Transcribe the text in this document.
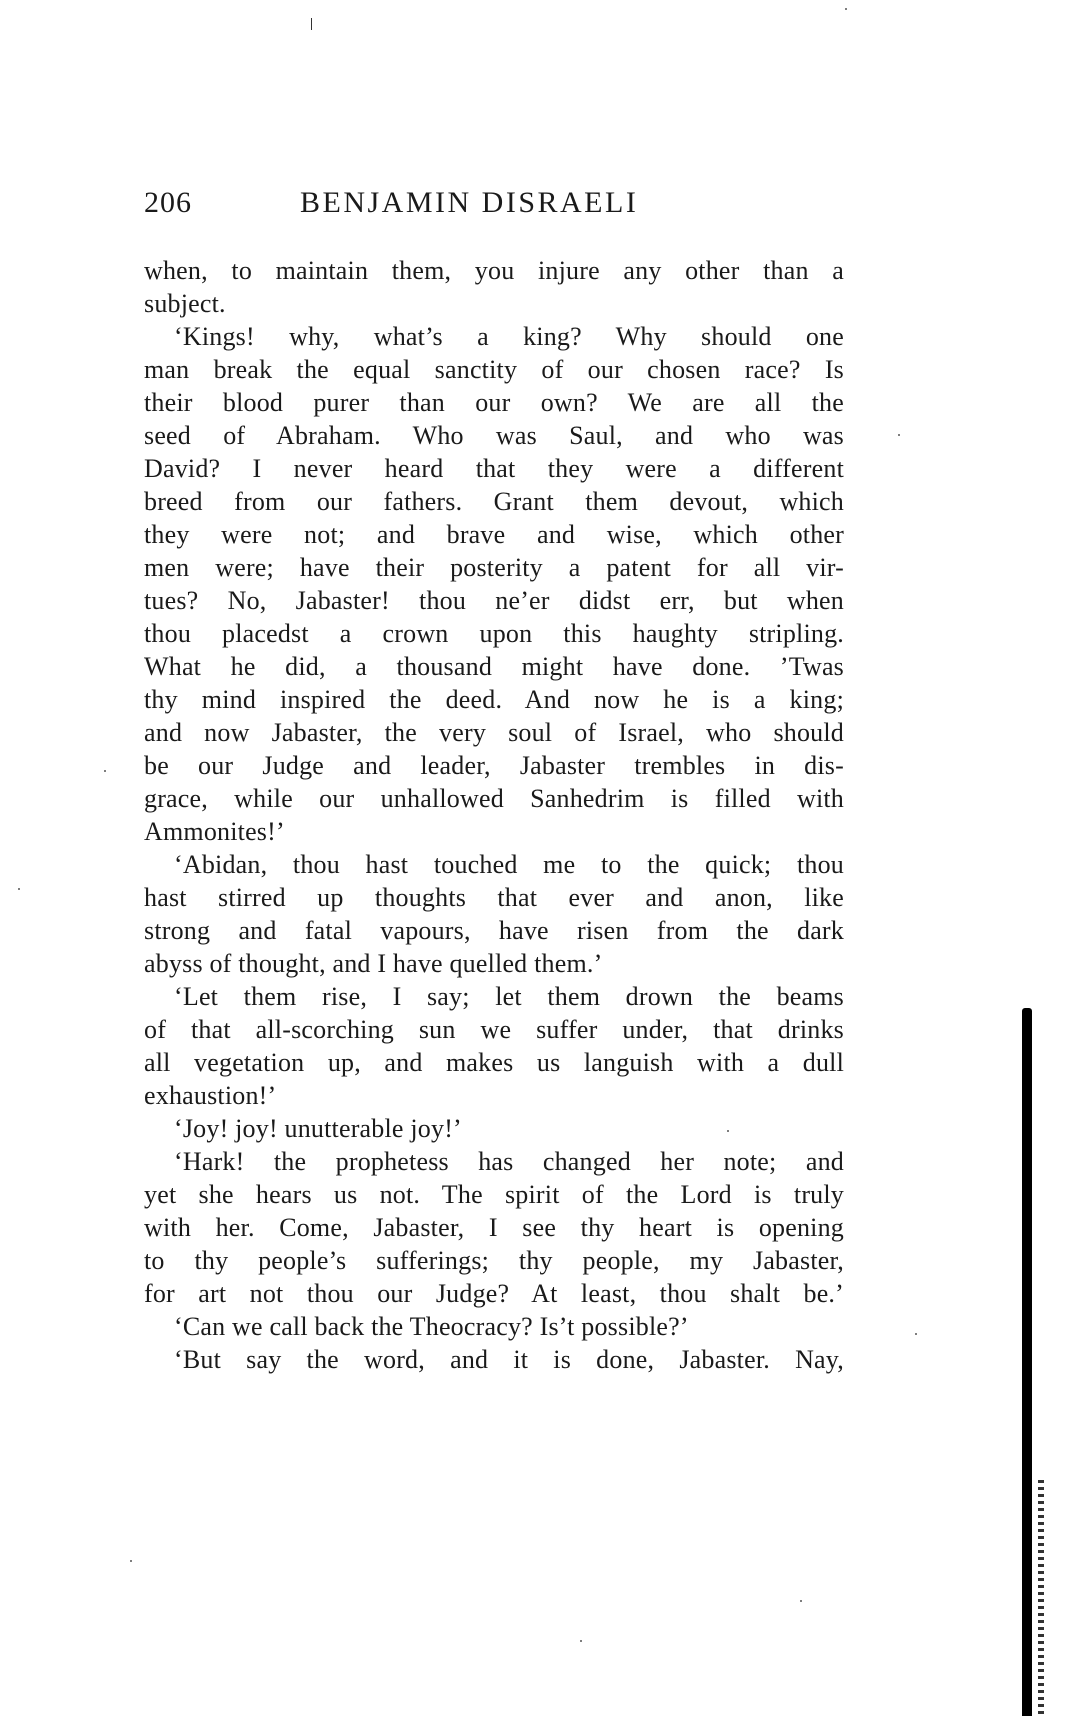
206	BENJAMIN DISRAELI
when, to maintain them, you injure any other than a
subject.
‘Kings! why, what’s a king? Why should one
man break the equal sanctity of our chosen race? Is
their blood purer than our own? We are all the
seed of Abraham. Who was Saul, and who was
David? I never heard that they were a different
breed from our fathers. Grant them devout, which
they were not; and brave and wise, which other
men were; have their posterity a patent for all vir-
tues? No, Jabaster! thou ne’er didst err, but when
thou placedst a crown upon this haughty stripling.
What he did, a thousand might have done. ’Twas
thy mind inspired the deed. And now he is a king;
and now Jabaster, the very soul of Israel, who should
be our Judge and leader, Jabaster trembles in dis-
grace, while our unhallowed Sanhedrim is filled with
Ammonites!’
‘Abidan, thou hast touched me to the quick; thou
hast stirred up thoughts that ever and anon, like
strong and fatal vapours, have risen from the dark
abyss of thought, and I have quelled them.’
‘Let them rise, I say; let them drown the beams
of that all-scorching sun we suffer under, that drinks
all vegetation up, and makes us languish with a dull
exhaustion!’
‘Joy! joy! unutterable joy!’
‘Hark! the prophetess has changed her note; and
yet she hears us not. The spirit of the Lord is truly
with her. Come, Jabaster, I see thy heart is opening
to thy people’s sufferings; thy people, my Jabaster,
for art not thou our Judge? At least, thou shalt be.’
‘Can we call back the Theocracy? Is’t possible?’
‘But say the word, and it is done, Jabaster. Nay,
